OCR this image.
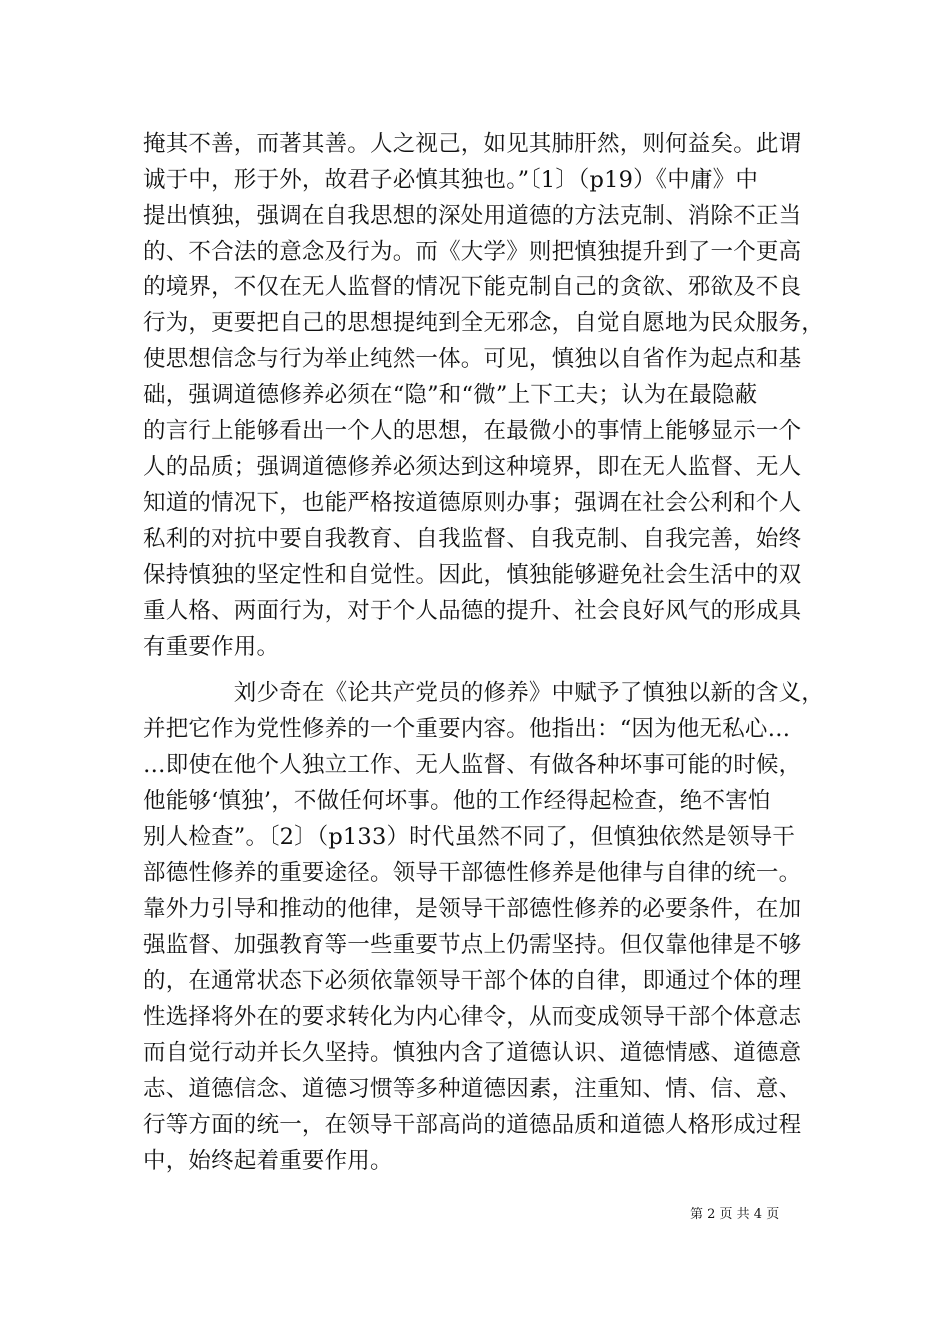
掩其不善，而著其善。人之视己，如见其肺肝然，则何益矣。此谓
诚于中，形于外，故君子必慎其独也。”〔1〕（p19）《中庸》中
提出慎独，强调在自我思想的深处用道德的方法克制、消除不正当
的、不合法的意念及行为。而《大学》则把慎独提升到了一个更高
的境界，不仅在无人监督的情况下能克制自己的贪欲、邪欲及不良
行为，更要把自己的思想提纯到全无邪念，自觉自愿地为民众服务，
使思想信念与行为举止纯然一体。可见，慎独以自省作为起点和基
础，强调道德修养必须在“隐”和“微”上下工夫；认为在最隐蔽
的言行上能够看出一个人的思想，在最微小的事情上能够显示一个
人的品质；强调道德修养必须达到这种境界，即在无人监督、无人
知道的情况下，也能严格按道德原则办事；强调在社会公利和个人
私利的对抗中要自我教育、自我监督、自我克制、自我完善，始终
保持慎独的坚定性和自觉性。因此，慎独能够避免社会生活中的双
重人格、两面行为，对于个人品德的提升、社会良好风气的形成具
有重要作用。
　　　　刘少奇在《论共产党员的修养》中赋予了慎独以新的含义，
并把它作为党性修养的一个重要内容。他指出：“因为他无私心…
…即使在他个人独立工作、无人监督、有做各种坏事可能的时候，
他能够‘慎独’，不做任何坏事。他的工作经得起检查，绝不害怕
别人检查”。〔2〕（p133）时代虽然不同了，但慎独依然是领导干
部德性修养的重要途径。领导干部德性修养是他律与自律的统一。
靠外力引导和推动的他律，是领导干部德性修养的必要条件，在加
强监督、加强教育等一些重要节点上仍需坚持。但仅靠他律是不够
的，在通常状态下必须依靠领导干部个体的自律，即通过个体的理
性选择将外在的要求转化为内心律令，从而变成领导干部个体意志
而自觉行动并长久坚持。慎独内含了道德认识、道德情感、道德意
志、道德信念、道德习惯等多种道德因素，注重知、情、信、意、
行等方面的统一，在领导干部高尚的道德品质和道德人格形成过程
中，始终起着重要作用。
第 2 页 共 4 页
